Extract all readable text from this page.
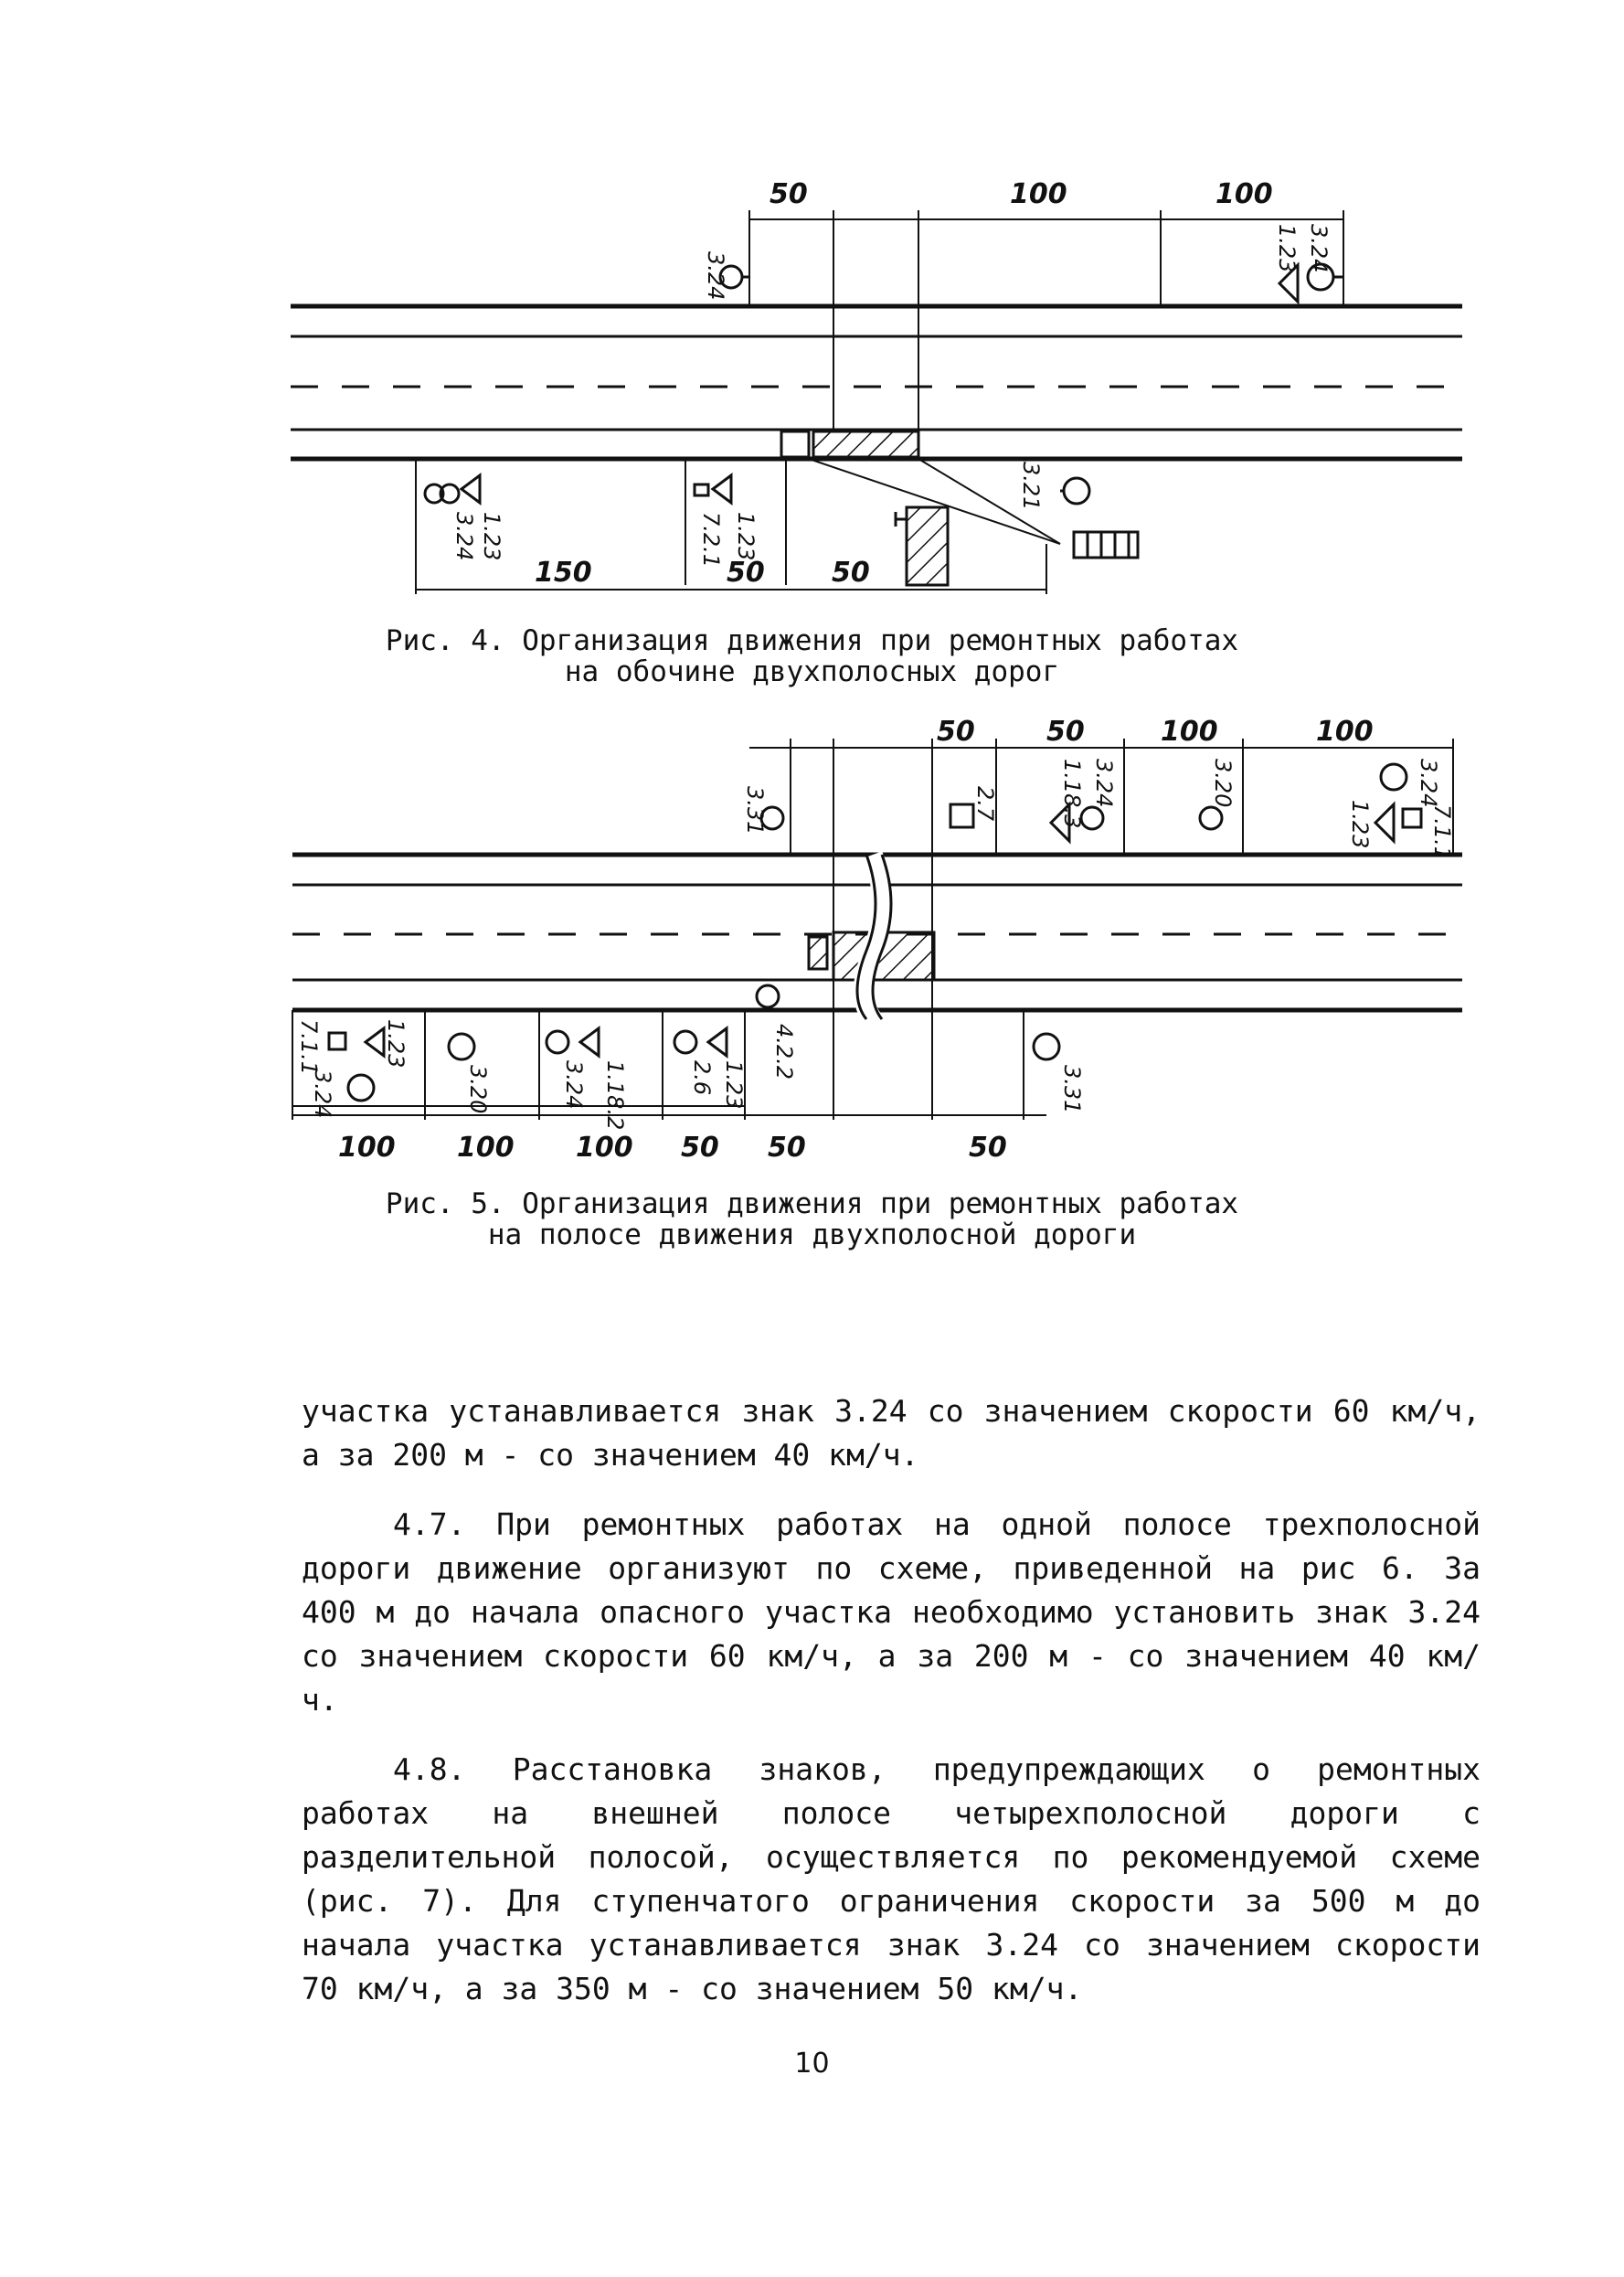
50	100	100
150	50 50
3.24
1.23 3.24
3.21
1.23
3.24	1.23
7.2.1
Рис. 4. Организация движения при ремонтных работах
на обочине двухполосных дорог
50	50	100	100
100 100 100 50 50	50
3.31	2.7	1.18.3 3.24	3.20
1.23
3.24
7.1.1
7.1.1	1.23
3.24	3.20	3.24 1.18.2	2.6 1.23
4.2.2
3.31
Рис. 5. Организация движения при ремонтных работах
на полосе движения двухполосной дороги

участка устанавливается знак 3.24 со значением скорости 60 км/ч, а за 200 м - со значением 40 км/ч.

4.7. При ремонтных работах на одной полосе трехполосной дороги движение организуют по схеме, приведенной на рис 6. За 400 м до начала опасного участка необходимо установить знак 3.24 со значением скорости 60 км/ч, а за 200 м - со значением 40 км/ч.

4.8. Расстановка знаков, предупреждающих о ремонтных работах на внешней полосе четырехполосной дороги с разделительной полосой, осуществляется по рекомендуемой схеме (рис. 7). Для ступенчатого ограничения скорости за 500 м до начала участка устанавливается знак 3.24 со значением скорости 70 км/ч, а за 350 м - со значением 50 км/ч.

10
